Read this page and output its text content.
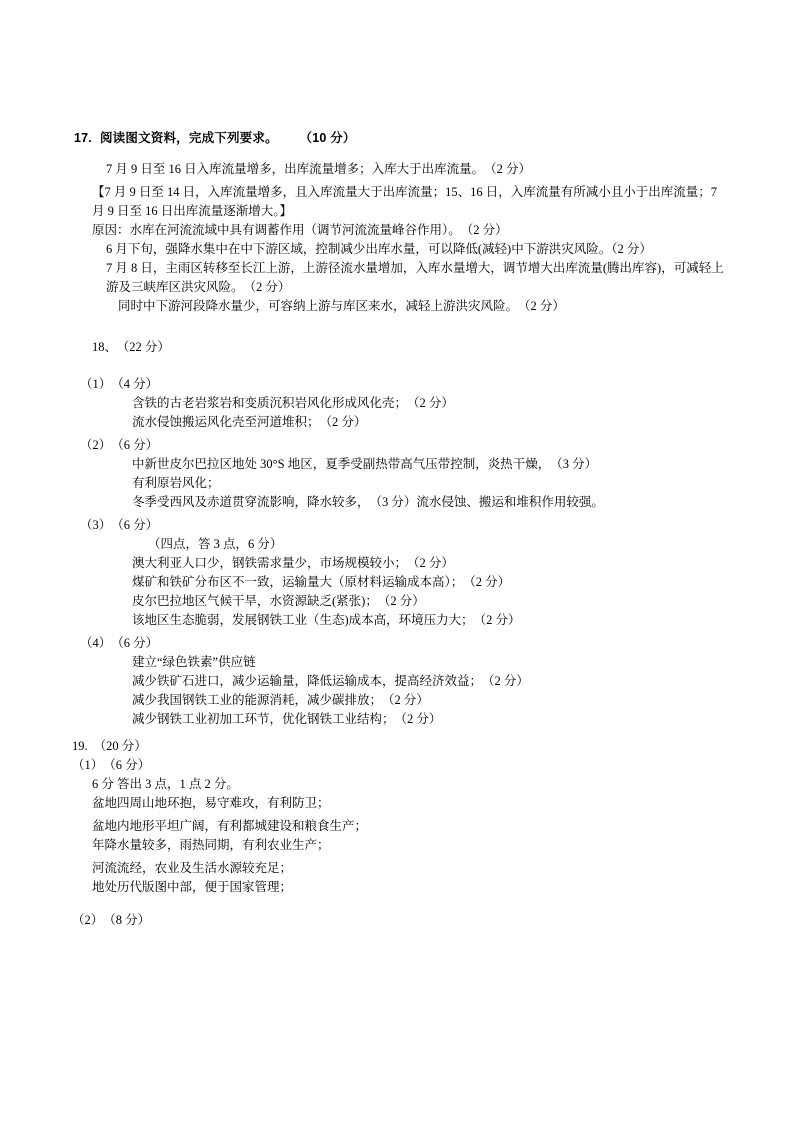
17. 阅读图文资料，完成下列要求。 （10 分）

7 月 9 日至 16 日入库流量增多，出库流量增多；入库大于出库流量。　（2 分）

【7 月 9 日至 14 日，入库流量增多，且入库流量大于出库流量；15、16 日，入库流量有所减小且小于出库流量；7 月 9 日至 16 日出库流量逐渐增大。】

原因：水库在河流流域中具有调蓄作用（调节河流流量峰谷作用）。　（2 分）

6 月下旬，强降水集中在中下游区域，控制减少出库水量，可以降低(减轻)中下游洪灾风险。（2 分）

7 月 8 日，主雨区转移至长江上游，上游径流水量增加，入库水量增大，调节增大出库流量(腾出库容)，可减轻上游及三峡库区洪灾风险。　（2 分）

同时中下游河段降水量少，可容纳上游与库区来水，减轻上游洪灾风险。　（2 分）

18、 （22 分）
（1）（4 分）

含铁的古老岩浆岩和变质沉积岩风化形成风化壳；　（2 分）

流水侵蚀搬运风化壳至河道堆积；　（2 分）

（2）（6 分）

中新世皮尔巴拉区地处 30°S 地区，夏季受副热带高气压带控制，炎热干燥，　（3 分）

有利原岩风化；

冬季受西风及赤道贯穿流影响，降水较多，　（3 分）流水侵蚀、搬运和堆积作用较强。

（3）（6 分）

（四点，答 3 点，6 分）

澳大利亚人口少，钢铁需求量少，市场规模较小；　（2 分）

煤矿和铁矿分布区不一致，运输量大（原材料运输成本高）；　（2 分）

皮尔巴拉地区气候干旱，水资源缺乏(紧张)；　（2 分）

该地区生态脆弱，发展钢铁工业（生态)成本高，环境压力大；　（2 分）

（4）（6 分）

建立“绿色铁素”供应链

减少铁矿石进口，减少运输量，降低运输成本，提高经济效益；　（2 分）

减少我国钢铁工业的能源消耗，减少碳排放；　（2 分）

减少钢铁工业初加工环节，优化钢铁工业结构；　（2 分）

19. （20 分）
（1）（6 分）

6 分 答出 3 点，1 点 2 分。

盆地四周山地环抱，易守难攻，有利防卫；

盆地内地形平坦广阔，有利都城建设和粮食生产；

年降水量较多，雨热同期，有利农业生产；

河流流经，农业及生活水源较充足；

地处历代版图中部，便于国家管理；

（2）（8 分）
